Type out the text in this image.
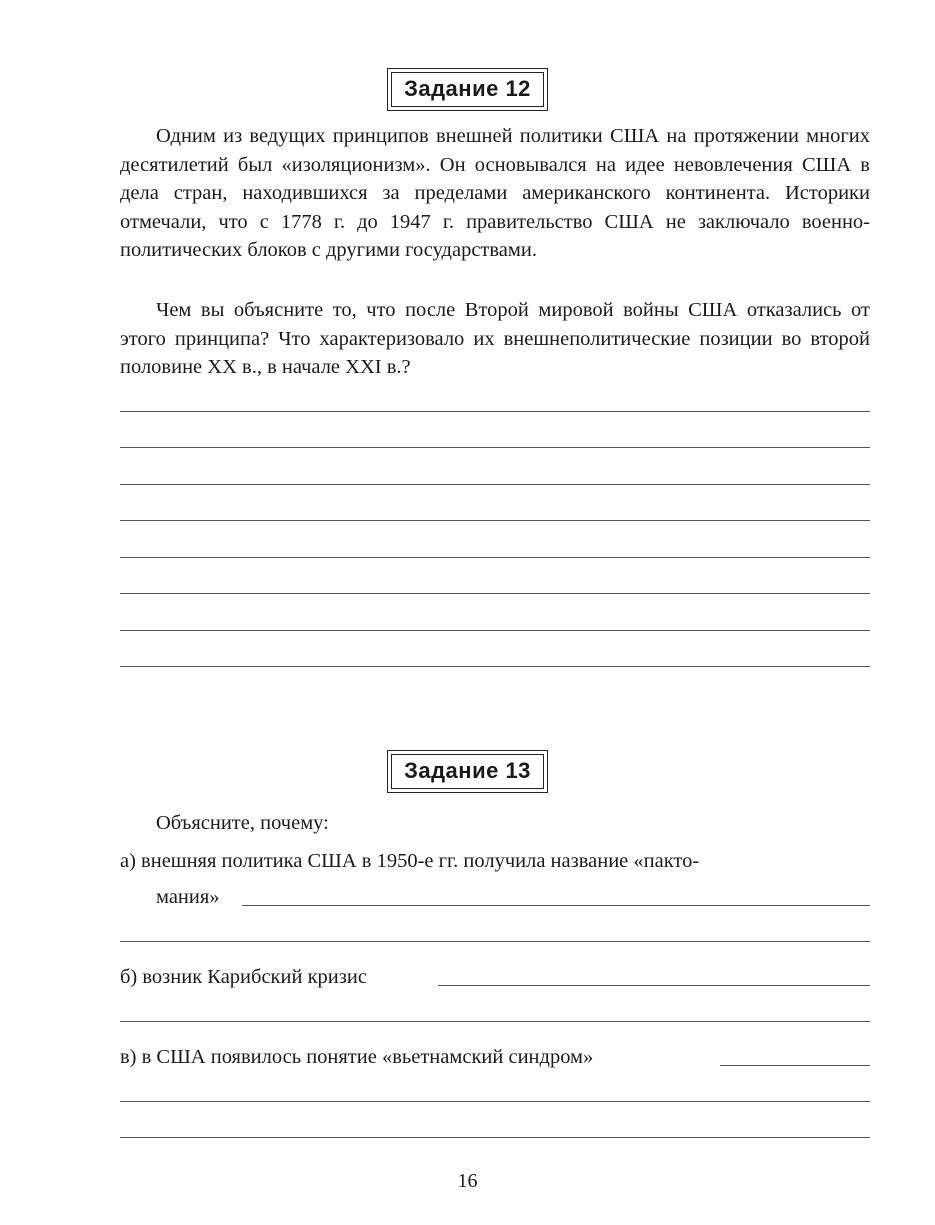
Задание 12

Одним из ведущих принципов внешней политики США на протяжении многих десятилетий был «изоляционизм». Он основывался на идее невовлечения США в дела стран, находившихся за пределами американского континента. Историки отмечали, что с 1778 г. до 1947 г. правительство США не заключало военно-политических блоков с другими государствами.

Чем вы объясните то, что после Второй мировой войны США отказались от этого принципа? Что характеризовало их внешнеполитические позиции во второй половине XX в., в начале XXI в.?

Задание 13
Объясните, почему:
а) внешняя политика США в 1950-е гг. получила название «пакто-
мания»
б) возник Карибский кризис
в) в США появилось понятие «вьетнамский синдром»
16
